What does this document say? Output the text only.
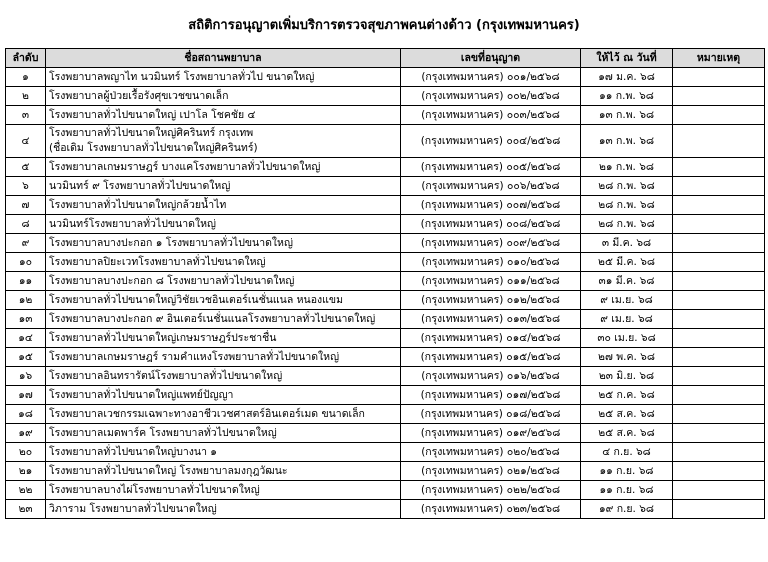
สถิติการอนุญาตเพิ่มบริการตรวจสุขภาพคนต่างด้าว (กรุงเทพมหานคร)
ลำดับ	ชื่อสถานพยาบาล	เลขที่อนุญาต	ให้ไว้ ณ วันที่	หมายเหตุ
๑	โรงพยาบาลพญาไท นวมินทร์ โรงพยาบาลทั่วไป ขนาดใหญ่	(กรุงเทพมหานคร) ๐๐๑/๒๕๖๘	๑๗ ม.ค. ๖๘	
๒	โรงพยาบาลผู้ป่วยเรื้อรังศุขเวชขนาดเล็ก	(กรุงเทพมหานคร) ๐๐๒/๒๕๖๘	๑๑ ก.พ. ๖๘	
๓	โรงพยาบาลทั่วไปขนาดใหญ่ เปาโล โชคชัย ๔	(กรุงเทพมหานคร) ๐๐๓/๒๕๖๘	๑๓ ก.พ. ๖๘	
๔	โรงพยาบาลทั่วไปขนาดใหญ่ศิครินทร์ กรุงเทพ
(ชื่อเดิม โรงพยาบาลทั่วไปขนาดใหญ่ศิครินทร์)	(กรุงเทพมหานคร) ๐๐๔/๒๕๖๘	๑๓ ก.พ. ๖๘	
๕	โรงพยาบาลเกษมราษฎร์ บางแคโรงพยาบาลทั่วไปขนาดใหญ่	(กรุงเทพมหานคร) ๐๐๕/๒๕๖๘	๒๑ ก.พ. ๖๘	
๖	นวมินทร์ ๙ โรงพยาบาลทั่วไปขนาดใหญ่	(กรุงเทพมหานคร) ๐๐๖/๒๕๖๘	๒๘ ก.พ. ๖๘	
๗	โรงพยาบาลทั่วไปขนาดใหญ่กล้วยน้ำไท	(กรุงเทพมหานคร) ๐๐๗/๒๕๖๘	๒๘ ก.พ. ๖๘	
๘	นวมินทร์โรงพยาบาลทั่วไปขนาดใหญ่	(กรุงเทพมหานคร) ๐๐๘/๒๕๖๘	๒๘ ก.พ. ๖๘	
๙	โรงพยาบาลบางปะกอก ๑ โรงพยาบาลทั่วไปขนาดใหญ่	(กรุงเทพมหานคร) ๐๐๙/๒๕๖๘	๓ มี.ค. ๖๘	
๑๐	โรงพยาบาลปิยะเวทโรงพยาบาลทั่วไปขนาดใหญ่	(กรุงเทพมหานคร) ๐๑๐/๒๕๖๘	๒๕ มี.ค. ๖๘	
๑๑	โรงพยาบาลบางปะกอก ๘ โรงพยาบาลทั่วไปขนาดใหญ่	(กรุงเทพมหานคร) ๐๑๑/๒๕๖๘	๓๑ มี.ค. ๖๘	
๑๒	โรงพยาบาลทั่วไปขนาดใหญ่วิชัยเวชอินเตอร์เนชั่นแนล หนองแขม	(กรุงเทพมหานคร) ๐๑๒/๒๕๖๘	๙ เม.ย. ๖๘	
๑๓	โรงพยาบาลบางปะกอก ๙ อินเตอร์เนชั่นแนลโรงพยาบาลทั่วไปขนาดใหญ่	(กรุงเทพมหานคร) ๐๑๓/๒๕๖๘	๙ เม.ย. ๖๘	
๑๔	โรงพยาบาลทั่วไปขนาดใหญ่เกษมราษฎร์ประชาชื่น	(กรุงเทพมหานคร) ๐๑๔/๒๕๖๘	๓๐ เม.ย. ๖๘	
๑๕	โรงพยาบาลเกษมราษฎร์ รามคำแหงโรงพยาบาลทั่วไปขนาดใหญ่	(กรุงเทพมหานคร) ๐๑๕/๒๕๖๘	๒๗ พ.ค. ๖๘	
๑๖	โรงพยาบาลอินทรารัตน์โรงพยาบาลทั่วไปขนาดใหญ่	(กรุงเทพมหานคร) ๐๑๖/๒๕๖๘	๒๓ มิ.ย. ๖๘	
๑๗	โรงพยาบาลทั่วไปขนาดใหญ่แพทย์ปัญญา	(กรุงเทพมหานคร) ๐๑๗/๒๕๖๘	๒๕ ก.ค. ๖๘	
๑๘	โรงพยาบาลเวชกรรมเฉพาะทางอาชีวเวชศาสตร์อินเตอร์เมด ขนาดเล็ก	(กรุงเทพมหานคร) ๐๑๘/๒๕๖๘	๒๕ ส.ค. ๖๘	
๑๙	โรงพยาบาลเมดพาร์ค โรงพยาบาลทั่วไปขนาดใหญ่	(กรุงเทพมหานคร) ๐๑๙/๒๕๖๘	๒๕ ส.ค. ๖๘	
๒๐	โรงพยาบาลทั่วไปขนาดใหญ่บางนา ๑	(กรุงเทพมหานคร) ๐๒๐/๒๕๖๘	๔ ก.ย. ๖๘	
๒๑	โรงพยาบาลทั่วไปขนาดใหญ่ โรงพยาบาลมงกุฎวัฒนะ	(กรุงเทพมหานคร) ๐๒๑/๒๕๖๘	๑๑ ก.ย. ๖๘	
๒๒	โรงพยาบาลบางไผ่โรงพยาบาลทั่วไปขนาดใหญ่	(กรุงเทพมหานคร) ๐๒๒/๒๕๖๘	๑๑ ก.ย. ๖๘	
๒๓	วิภาราม โรงพยาบาลทั่วไปขนาดใหญ่	(กรุงเทพมหานคร) ๐๒๓/๒๕๖๘	๑๙ ก.ย. ๖๘	
